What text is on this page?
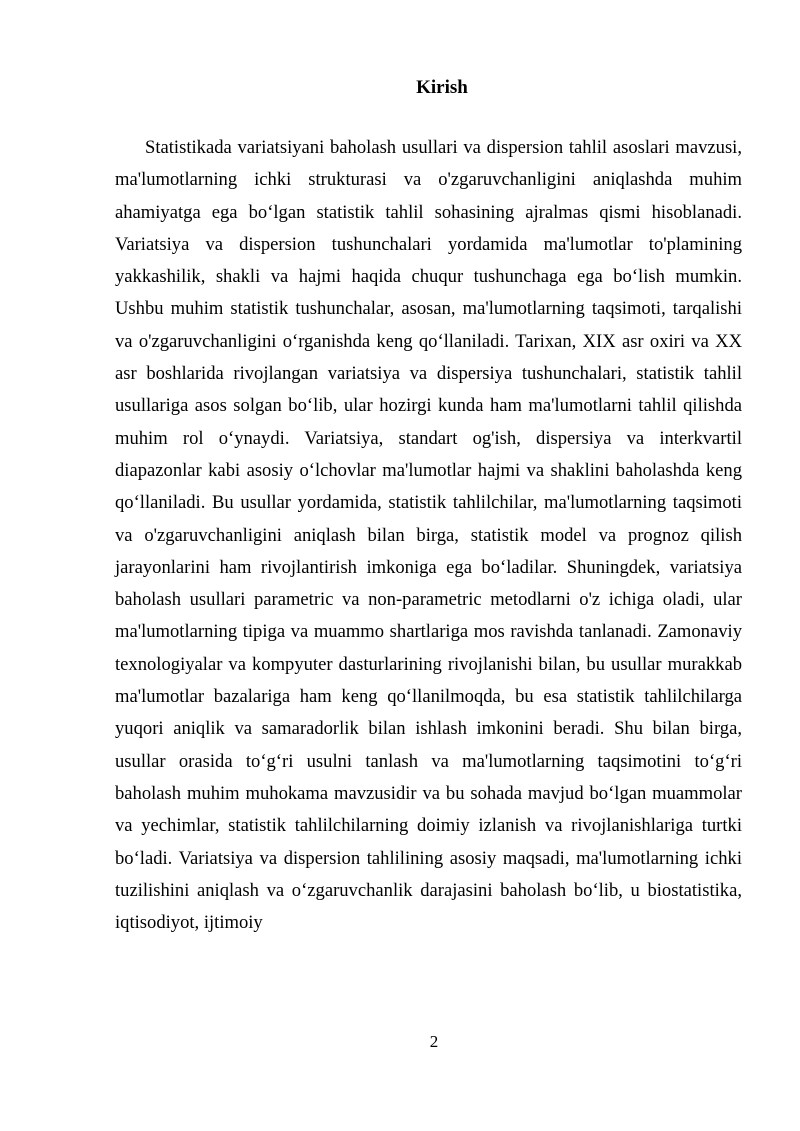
Kirish

Statistikada variatsiyani baholash usullari va dispersion tahlil asoslari mavzusi, ma'lumotlarning ichki strukturasi va o'zgaruvchanligini aniqlashda muhim ahamiyatga ega bo‘lgan statistik tahlil sohasining ajralmas qismi hisoblanadi. Variatsiya va dispersion tushunchalari yordamida ma'lumotlar to'plamining yakkashilik, shakli va hajmi haqida chuqur tushunchaga ega bo‘lish mumkin. Ushbu muhim statistik tushunchalar, asosan, ma'lumotlarning taqsimoti, tarqalishi va o'zgaruvchanligini o‘rganishda keng qo‘llaniladi. Tarixan, XIX asr oxiri va XX asr boshlarida rivojlangan variatsiya va dispersiya tushunchalari, statistik tahlil usullariga asos solgan bo‘lib, ular hozirgi kunda ham ma'lumotlarni tahlil qilishda muhim rol o‘ynaydi. Variatsiya, standart og'ish, dispersiya va interkvartil diapazonlar kabi asosiy o‘lchovlar ma'lumotlar hajmi va shaklini baholashda keng qo‘llaniladi. Bu usullar yordamida, statistik tahlilchilar, ma'lumotlarning taqsimoti va o'zgaruvchanligini aniqlash bilan birga, statistik model va prognoz qilish jarayonlarini ham rivojlantirish imkoniga ega bo‘ladilar. Shuningdek, variatsiya baholash usullari parametric va non-parametric metodlarni o'z ichiga oladi, ular ma'lumotlarning tipiga va muammo shartlariga mos ravishda tanlanadi. Zamonaviy texnologiyalar va kompyuter dasturlarining rivojlanishi bilan, bu usullar murakkab ma'lumotlar bazalariga ham keng qo‘llanilmoqda, bu esa statistik tahlilchilarga yuqori aniqlik va samaradorlik bilan ishlash imkonini beradi. Shu bilan birga, usullar orasida to‘g‘ri usulni tanlash va ma'lumotlarning taqsimotini to‘g‘ri baholash muhim muhokama mavzusidir va bu sohada mavjud bo‘lgan muammolar va yechimlar, statistik tahlilchilarning doimiy izlanish va rivojlanishlariga turtki bo‘ladi. Variatsiya va dispersion tahlilining asosiy maqsadi, ma'lumotlarning ichki tuzilishini aniqlash va o‘zgaruvchanlik darajasini baholash bo‘lib, u biostatistika, iqtisodiyot, ijtimoiy

2
